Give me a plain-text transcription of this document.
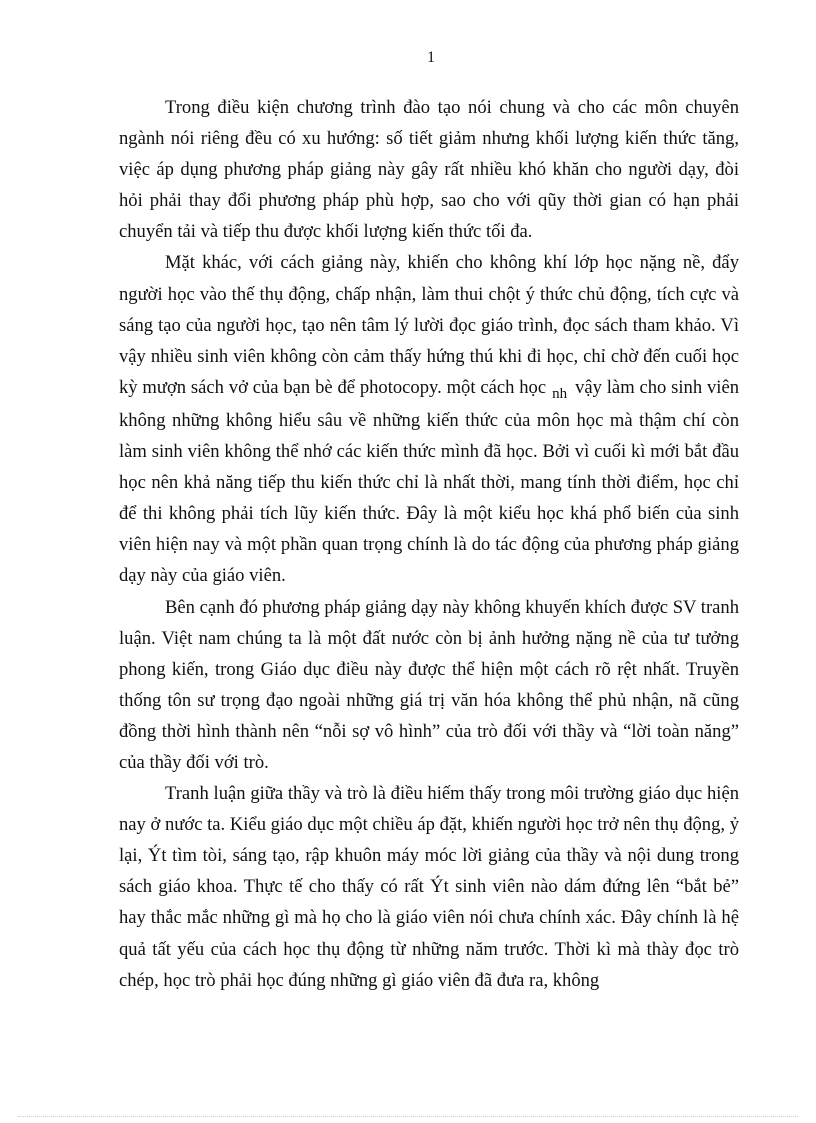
1

Trong điều kiện chương trình đào tạo nói chung và cho các môn chuyên ngành nói riêng đều có xu hướng: số tiết giảm nhưng khối lượng kiến thức tăng, việc áp dụng phương pháp giảng này gây rất nhiều khó khăn cho người dạy, đòi hỏi phải thay đổi phương pháp phù hợp, sao cho với qũy thời gian có hạn phải chuyển tải và tiếp thu được khối lượng kiến thức tối đa.

Mặt khác, với cách giảng này, khiến cho không khí lớp học nặng nề, đẩy người học vào thế thụ động, chấp nhận, làm thui chột ý thức chủ động, tích cực và sáng tạo của người học, tạo nên tâm lý lười đọc giáo trình, đọc sách tham khảo. Vì vậy nhiều sinh viên không còn cảm thấy hứng thú khi đi học, chỉ chờ đến cuối học kỳ mượn sách vở của bạn bè để photocopy. một cách học $_{nh}$ vậy làm cho sinh viên không những không hiểu sâu về những kiến thức của môn học mà thậm chí còn làm sinh viên không thể nhớ các kiến thức mình đã học. Bởi vì cuối kì mới bắt đầu học nên khả năng tiếp thu kiến thức chỉ là nhất thời, mang tính thời điểm, học chỉ để thi không phải tích lũy kiến thức. Đây là một kiểu học khá phổ biến của sinh viên hiện nay và một phần quan trọng chính là do tác động của phương pháp giảng dạy này của giáo viên.

Bên cạnh đó phương pháp giảng dạy này không khuyến khích được SV tranh luận. Việt nam chúng ta là một đất nước còn bị ảnh hưởng nặng nề của tư tưởng phong kiến, trong Giáo dục điều này được thể hiện một cách rõ rệt nhất. Truyền thống tôn sư trọng đạo ngoài những giá trị văn hóa không thể phủ nhận, nã cũng đồng thời hình thành nên “nỗi sợ vô hình” của trò đối với thầy và “lời toàn năng” của thầy đối với trò.

Tranh luận giữa thầy và trò là điều hiếm thấy trong môi trường giáo dục hiện nay ở nước ta. Kiểu giáo dục một chiều áp đặt, khiến người học trở nên thụ động, ỷ lại, Ýt tìm tòi, sáng tạo, rập khuôn máy móc lời giảng của thầy và nội dung trong sách giáo khoa. Thực tế cho thấy có rất Ýt sinh viên nào dám đứng lên “bắt bẻ” hay thắc mắc những gì mà họ cho là giáo viên nói chưa chính xác. Đây chính là hệ quả tất yếu của cách học thụ động từ những năm trước. Thời kì mà thày đọc trò chép, học trò phải học đúng những gì giáo viên đã đưa ra, không
